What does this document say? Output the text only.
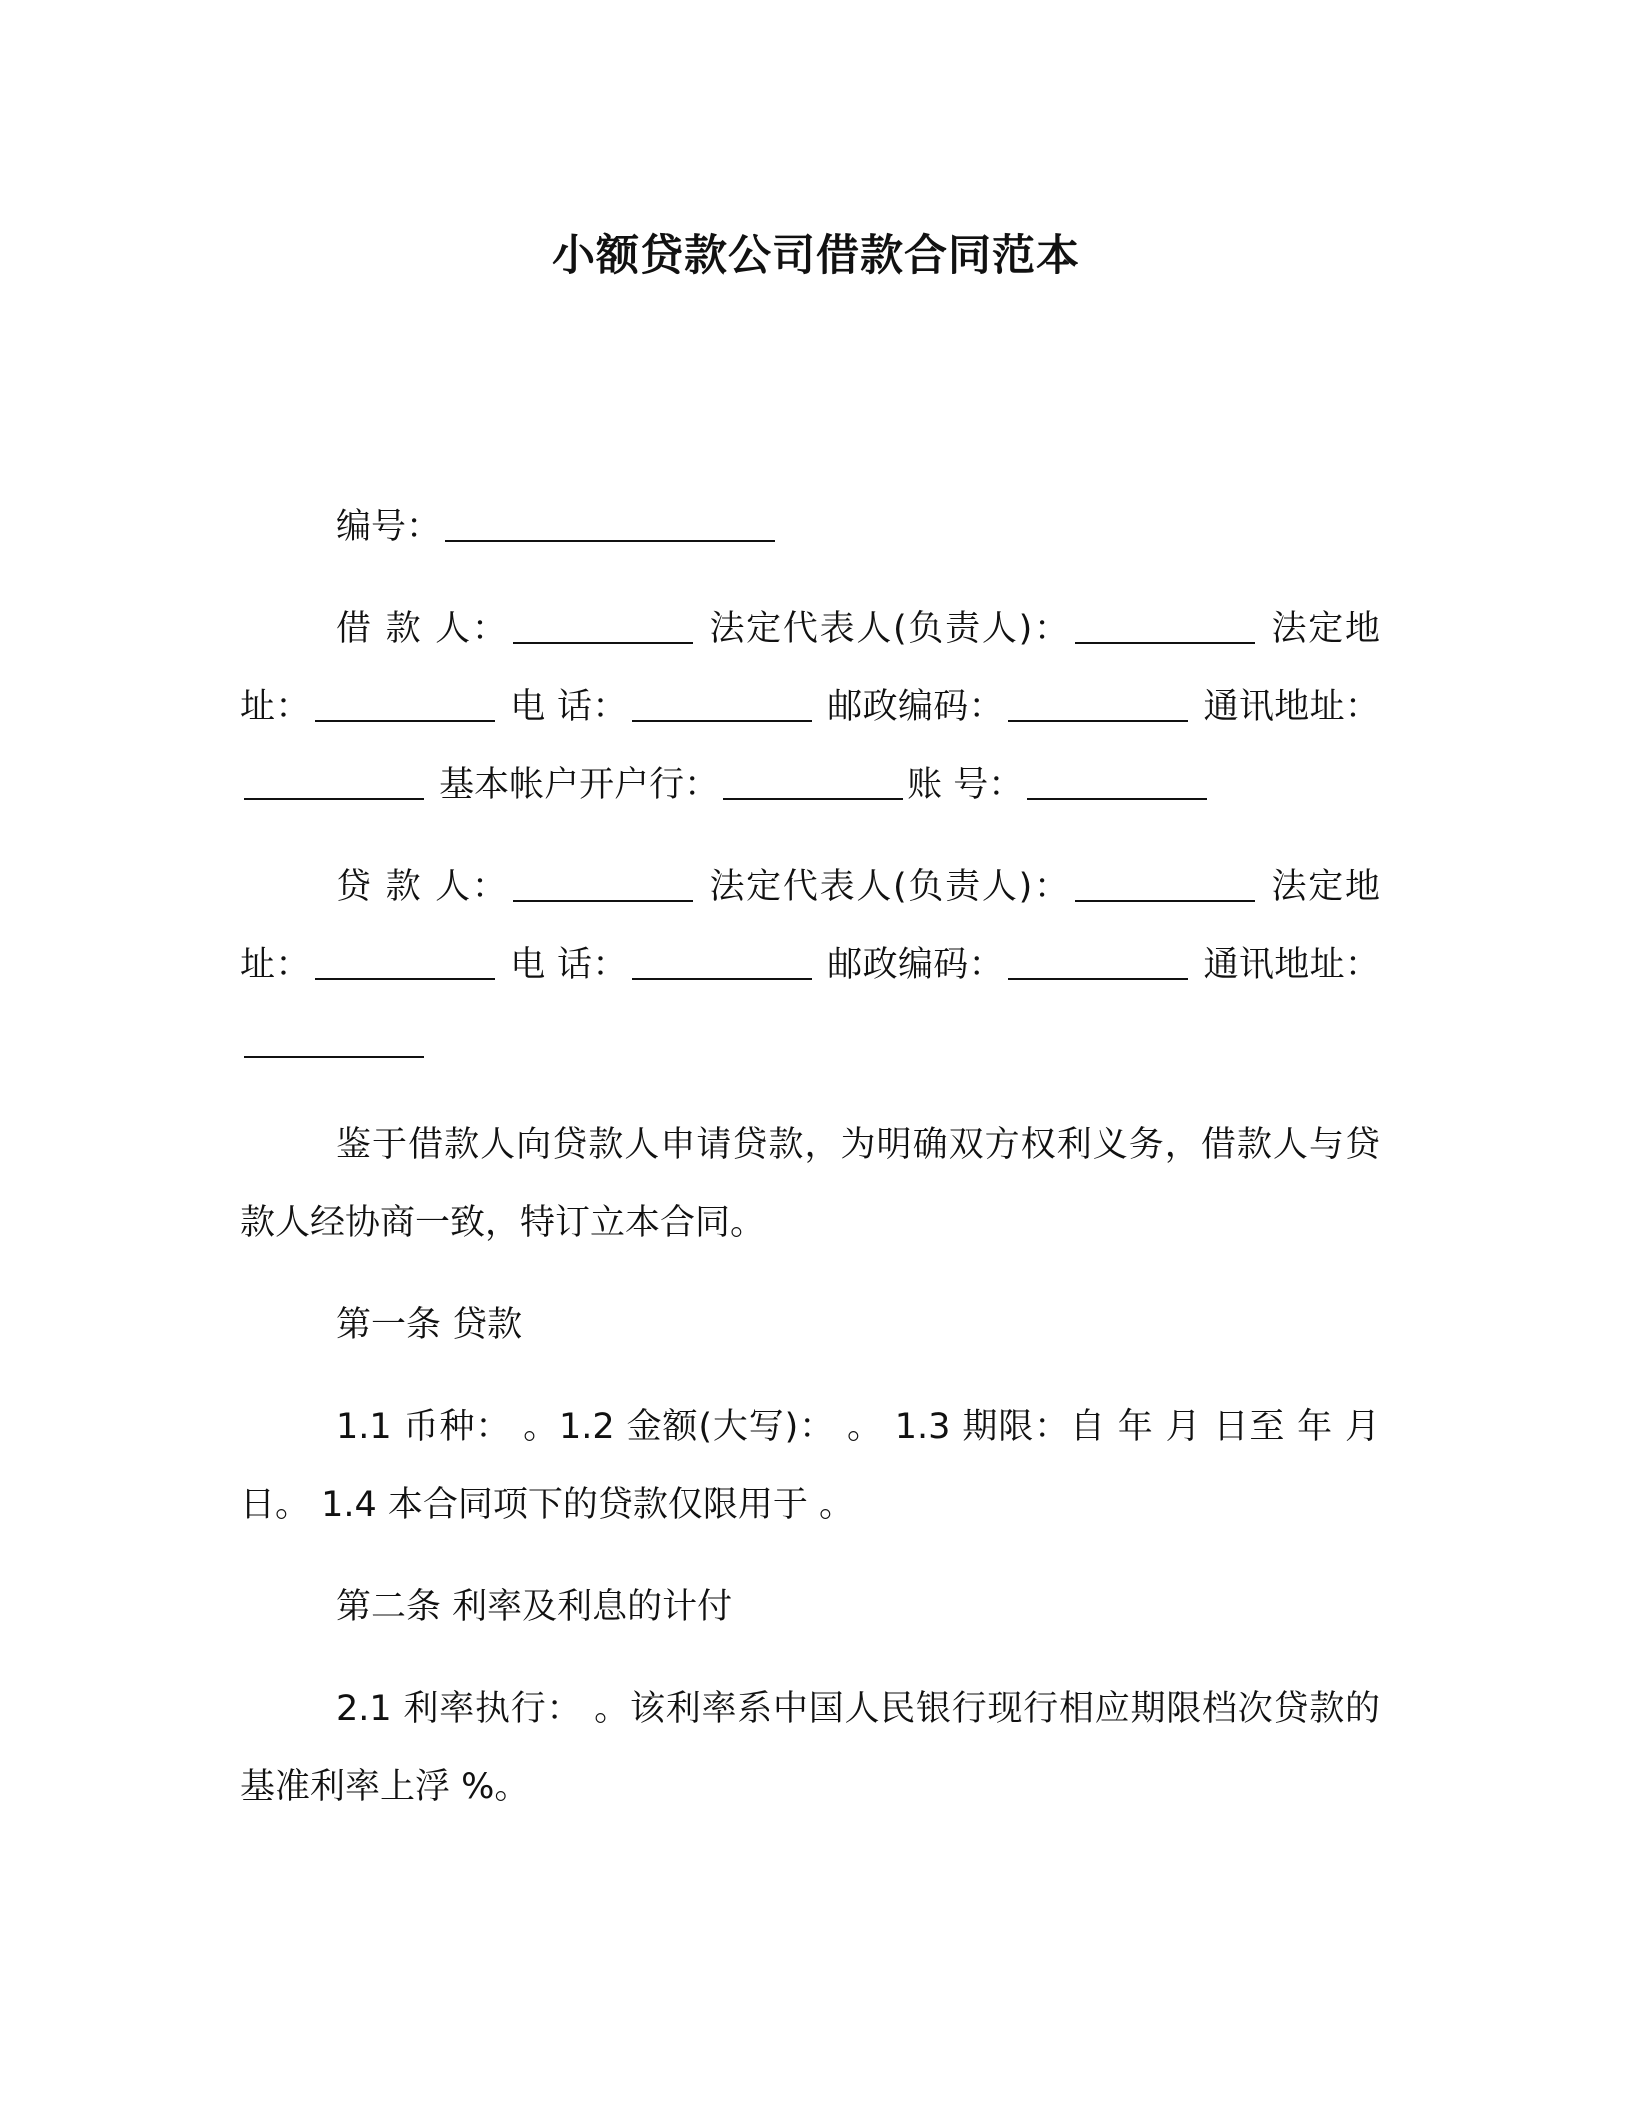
小额贷款公司借款合同范本

编号：

借 款 人：	法定代表人(负责人)：	法定地址：	电 话：	邮政编码：	通讯地址： 基本帐户开户行：	账 号：

贷 款 人：	法定代表人(负责人)：	法定地址：	电 话：	邮政编码：	通讯地址：

鉴于借款人向贷款人申请贷款，为明确双方权利义务，借款人与贷款人经协商一致，特订立本合同。

第一条 贷款

1.1 币种： 。1.2 金额(大写)： 。 1.3 期限：自 年 月 日至 年 月 日。 1.4 本合同项下的贷款仅限用于 。

第二条 利率及利息的计付

2.1 利率执行： 。该利率系中国人民银行现行相应期限档次贷款的基准利率上浮 %。
